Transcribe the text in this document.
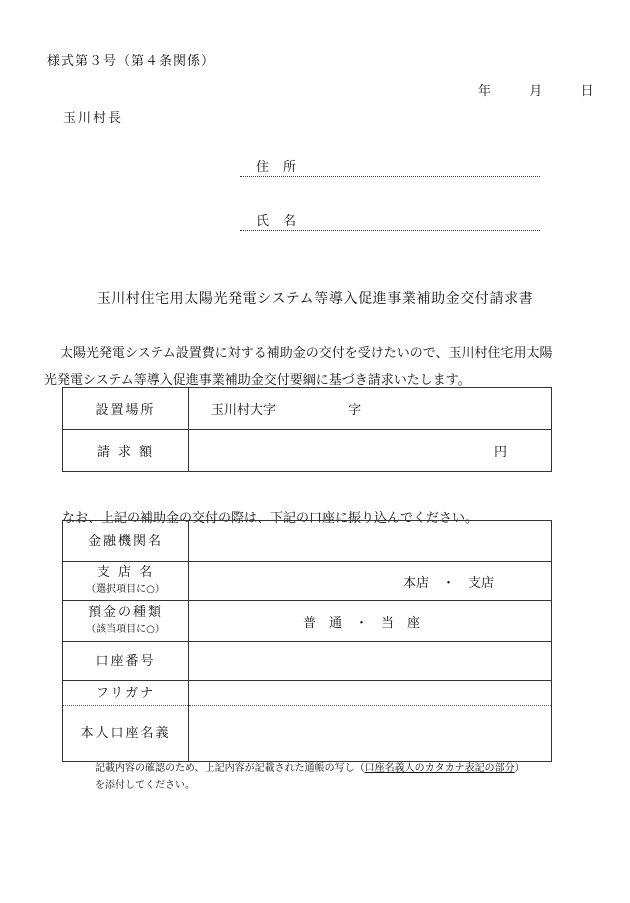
様式第３号（第４条関係）
年	月	日
玉川村長
住所
氏名
玉川村住宅用太陽光発電システム等導入促進事業補助金交付請求書

太陽光発電システム設置費に対する補助金の交付を受けたいので、玉川村住宅用太陽

光発電システム等導入促進事業補助金交付要綱に基づき請求いたします。

設置場所	玉川村大字 字
請 求 額	円
なお、上記の補助金の交付の際は、下記の口座に振り込んでください。
金融機関名	

支 店 名
（選択項目に○）	本店　・　支店

預金の種類
（該当項目に○）	普　通　・　当　座
口座番号	
フリガナ	
本人口座名義	

記載内容の確認のため、上記内容が記載された通帳の写し（口座名義人のカタカナ表記の部分）

を添付してください。
